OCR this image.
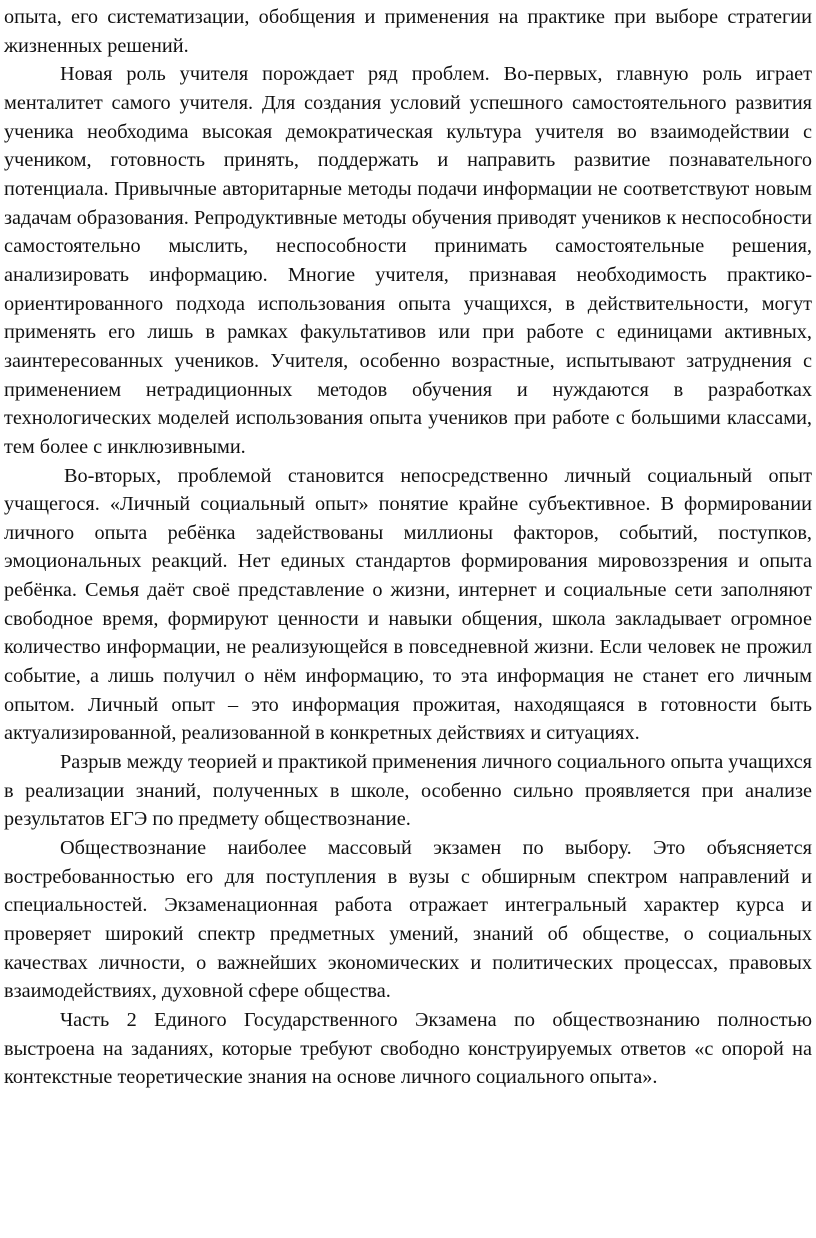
опыта, его систематизации, обобщения и применения на практике при выборе стратегии жизненных решений.

Новая роль учителя порождает ряд проблем. Во-первых, главную роль играет менталитет самого учителя. Для создания условий успешного самостоятельного развития ученика необходима высокая демократическая культура учителя во взаимодействии с учеником, готовность принять, поддержать и направить развитие познавательного потенциала. Привычные авторитарные методы подачи информации не соответствуют новым задачам образования. Репродуктивные методы обучения приводят учеников к неспособности самостоятельно мыслить, неспособности принимать самостоятельные решения, анализировать информацию. Многие учителя, признавая необходимость практико-ориентированного подхода использования опыта учащихся, в действительности, могут применять его лишь в рамках факультативов или при работе с единицами активных, заинтересованных учеников. Учителя, особенно возрастные, испытывают затруднения с применением нетрадиционных методов обучения и нуждаются в разработках технологических моделей использования опыта учеников при работе с большими классами, тем более с инклюзивными.

Во-вторых, проблемой становится непосредственно личный социальный опыт учащегося. «Личный социальный опыт» понятие крайне субъективное. В формировании личного опыта ребёнка задействованы миллионы факторов, событий, поступков, эмоциональных реакций. Нет единых стандартов формирования мировоззрения и опыта ребёнка. Семья даёт своё представление о жизни, интернет и социальные сети заполняют свободное время, формируют ценности и навыки общения, школа закладывает огромное количество информации, не реализующейся в повседневной жизни. Если человек не прожил событие, а лишь получил о нём информацию, то эта информация не станет его личным опытом. Личный опыт – это информация прожитая, находящаяся в готовности быть актуализированной, реализованной в конкретных действиях и ситуациях.

Разрыв между теорией и практикой применения личного социального опыта учащихся в реализации знаний, полученных в школе, особенно сильно проявляется при анализе результатов ЕГЭ по предмету обществознание.

Обществознание наиболее массовый экзамен по выбору. Это объясняется востребованностью его для поступления в вузы с обширным спектром направлений и специальностей. Экзаменационная работа отражает интегральный характер курса и проверяет широкий спектр предметных умений, знаний об обществе, о социальных качествах личности, о важнейших экономических и политических процессах, правовых взаимодействиях, духовной сфере общества.

Часть 2 Единого Государственного Экзамена по обществознанию полностью выстроена на заданиях, которые требуют свободно конструируемых ответов «с опорой на контекстные теоретические знания на основе личного социального опыта».
